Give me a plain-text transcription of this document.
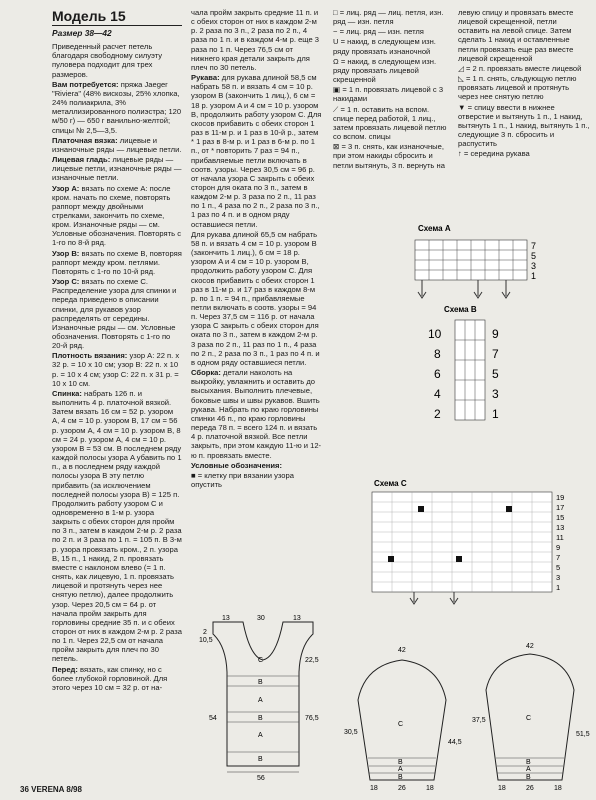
Модель 15
Размер 38—42

Приведенный расчет петель благодаря свободному силуэту пуловера подходит для трех размеров.

Вам потребуется: пряжа Jaeger "Riviera" (48% вискозы, 25% хлопка, 24% полиакрила, 3% металлизированного полиэстра; 120 м/50 г) — 650 г ванильно-желтой; спицы № 2,5—3,5.

Платочная вязка: лицевые и изнаночные ряды — лицевые петли.

Лицевая гладь: лицевые ряды — лицевые петли, изнаночные ряды — изнаночные петли.

Узор A: вязать по схеме A: после кром. начать по схеме, повторять раппорт между двойными стрелками, закончить по схеме, кром. Изнаночные ряды — см. Условные обозначения. Повторять с 1-го по 8-й ряд.

Узор B: вязать по схеме B, повторяя раппорт между кром. петлями. Повторять с 1-го по 10-й ряд.

Узор C: вязать по схеме C. Распределение узора для спинки и переда приведено в описании спинки, для рукавов узор распределять от середины. Изнаночные ряды — см. Условные обозначения. Повторять с 1-го по 20-й ряд.

Плотность вязания: узор A: 22 п. x 32 р. = 10 x 10 см; узор B: 22 п. x 10 р. = 10 x 4 см; узор C: 22 п. x 31 р. = 10 x 10 см.

Спинка: набрать 126 п. и выполнить 4 р. платочной вязкой. Затем вязать 16 см = 52 р. узором A, 4 см = 10 р. узором B, 17 см = 56 р. узором A, 4 см = 10 р. узором B, 8 см = 24 р. узором A, 4 см = 10 р. узором B = 53 см. В последнем ряду каждой полосы узора A убавить по 1 п., а в последнем ряду каждой полосы узора B эту петлю прибавить (за исключением последней полосы узора B) = 125 п. Продолжить работу узором C и одновременно в 1-м р. узора закрыть с обеих сторон для пройм по 3 п., затем в каждом 2-м р. 2 раза по 2 п. и 3 раза по 1 п. = 105 п. В 3-м р. узора провязать кром., 2 п. узора B, 15 п., 1 накид, 2 п. провязать вместе с наклоном влево (= 1 п. снять, как лицевую, 1 п. провязать лицевой и протянуть через нее снятую петлю), далее продолжить узор. Через 20,5 см = 64 р. от начала пройм закрыть для горловины средние 35 п. и с обеих сторон от них в каждом 2-м р. 2 раза по 1 п. Через 22,5 см от начала пройм закрыть для плеч по 30 петель.

Перед: вязать, как спинку, но с более глубокой горловиной. Для этого через 10 см = 32 р. от на-

чала пройм закрыть средние 11 п. и с обеих сторон от них в каждом 2-м р. 2 раза по 3 п., 2 раза по 2 п., 4 раза по 1 п. и в каждом 4-м р. еще 3 раза по 1 п. Через 76,5 см от нижнего края детали закрыть для плеч по 30 петель.

Рукава: для рукава длиной 58,5 см набрать 58 п. и вязать 4 см = 10 р. узором B (закончить 1 лиц.), 6 см = 18 р. узором A и 4 см = 10 р. узором B, продолжить работу узором C. Для скосов прибавить с обеих сторон 1 раз в 11-м р. и 1 раз в 10-й р., затем * 1 раз в 8-м р. и 1 раз в 6-м р. по 1 п., от * повторить 7 раз = 94 п., прибавляемые петли включать в соотв. узоры. Через 30,5 см = 96 р. от начала узора C закрыть с обеих сторон для оката по 3 п., затем в каждом 2-м р. 3 раза по 2 п., 11 раз по 1 п., 4 раза по 2 п., 2 раза по 3 п., 1 раз по 4 п. и в одном ряду оставшиеся петли.

Для рукава длиной 65,5 см набрать 58 п. и вязать 4 см = 10 р. узором B (закончить 1 лиц.), 6 см = 18 р. узором A и 4 см = 10 р. узором B, продолжить работу узором C. Для скосов прибавить с обеих сторон 1 раз в 11-м р. и 17 раз в каждом 8-м р. по 1 п. = 94 п., прибавляемые петли включать в соотв. узоры = 94 п. Через 37,5 см = 116 р. от начала узора C закрыть с обеих сторон для оката по 3 п., затем в каждом 2-м р. 3 раза по 2 п., 11 раз по 1 п., 4 раза по 2 п., 2 раза по 3 п., 1 раз по 4 п. и в одном ряду оставшиеся петли.

Сборка: детали наколоть на выкройку, увлажнить и оставить до высыхания. Выполнить плечевые, боковые швы и швы рукавов. Вшить рукава. Набрать по краю горловины спинки 46 п., по краю горловины переда 78 п. = всего 124 п. и вязать 4 р. платочной вязкой. Все петли закрыть, при этом каждую 11-ю и 12-ю п. провязать вместе.

Условные обозначения:

■ = клетку при вязании узора опустить

□ = лиц. ряд — лиц. петля, изн. ряд — изн. петля

− = лиц. ряд — изн. петля

U = накид, в следующем изн. ряду провязать изнаночной

Ω = накид, в следующем изн. ряду провязать лицевой скрещенной

▣ = 1 п. провязать лицевой с 3 накидами

⟋ = 1 п. оставить на вспом. спице перед работой, 1 лиц., затем провязать лицевой петлю со вспом. спицы

⊠ = 3 п. снять, как изнаночные, при этом накиды сбросить и петли вытянуть, 3 п. вернуть на

левую спицу и провязать вместе лицевой скрещенной, петли оставить на левой спице. Затем сделать 1 накид и оставленные петли провязать еще раз вместе лицевой скрещенной

◿ = 2 п. провязать вместе лицевой

◺ = 1 п. снять, сльдующую петлю провязать лицевой и протянуть через нее снятую петлю

▼ = спицу ввести в нижнее отверстие и вытянуть 1 п., 1 накид, вытянуть 1 п., 1 накид, вытянуть 1 п., следующие 3 п. сбросить и распустить

↑ = середина рукава

Схема A
7
5
3
1
Схема B
10
8
6
4
2
9
7
5
3
1
Схема C
19
17
15
13
11
9
7
5
3
1
C
B
A
B
A
B
13	30	13
10,5
54
22,5
76,5
2
56
42
C
B
A
B
30,5
44,5
18	26	18
42
C
B
A
B
37,5
51,5
18	26	18
36 VERENA 8/98
